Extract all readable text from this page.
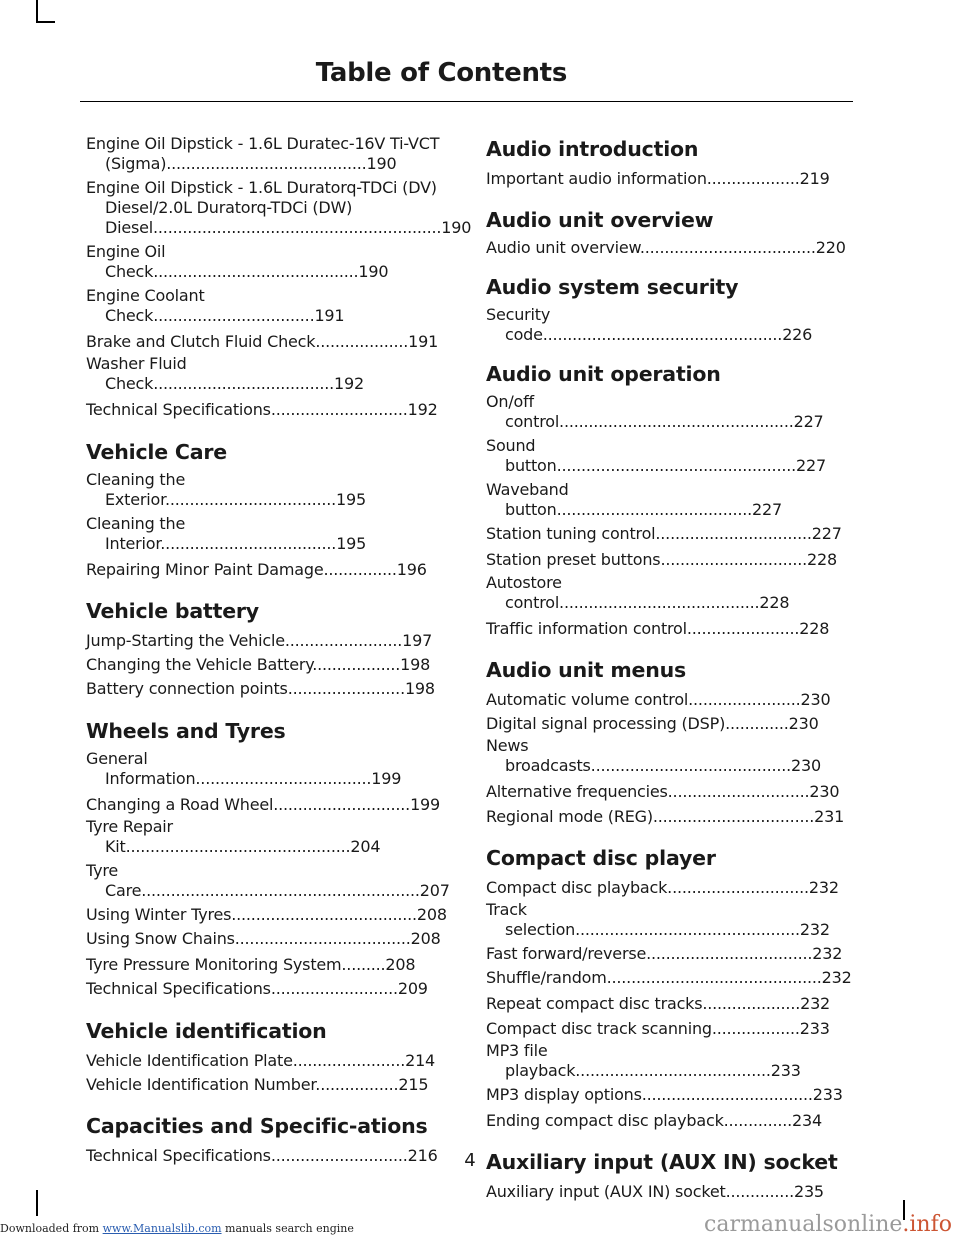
Table of Contents
Engine Oil Dipstick - 1.6L Duratec-16V Ti-VCT (Sigma).........................................190
Engine Oil Dipstick - 1.6L Duratorq-TDCi (DV) Diesel/2.0L Duratorq-TDCi (DW) Diesel...........................................................190
Engine Oil Check..........................................190
Engine Coolant Check.................................191
Brake and Clutch Fluid Check...................191
Washer Fluid Check.....................................192
Technical Specifications............................192
Vehicle Care
Cleaning the Exterior...................................195
Cleaning the Interior....................................195
Repairing Minor Paint Damage...............196
Vehicle battery
Jump-Starting the Vehicle........................197
Changing the Vehicle Battery..................198
Battery connection points........................198
Wheels and Tyres
General Information....................................199
Changing a Road Wheel............................199
Tyre Repair Kit..............................................204
Tyre Care.........................................................207
Using Winter Tyres......................................208
Using Snow Chains....................................208
Tyre Pressure Monitoring System.........208
Technical Specifications..........................209
Vehicle identification
Vehicle Identification Plate.......................214
Vehicle Identification Number.................215
Capacities and Specific-ations
Technical Specifications............................216
Audio introduction
Important audio information...................219
Audio unit overview
Audio unit overview....................................220
Audio system security
Security code.................................................226
Audio unit operation
On/off control................................................227
Sound button.................................................227
Waveband button........................................227
Station tuning control................................227
Station preset buttons..............................228
Autostore control.........................................228
Traffic information control.......................228
Audio unit menus
Automatic volume control.......................230
Digital signal processing (DSP).............230
News broadcasts.........................................230
Alternative frequencies.............................230
Regional mode (REG).................................231
Compact disc player
Compact disc playback.............................232
Track selection..............................................232
Fast forward/reverse..................................232
Shuffle/random............................................232
Repeat compact disc tracks....................232
Compact disc track scanning..................233
MP3 file playback........................................233
MP3 display options...................................233
Ending compact disc playback..............234
Auxiliary input (AUX IN) socket
Auxiliary input (AUX IN) socket..............235
4
Downloaded from www.Manualslib.com manuals search engine	carmanualsonline.info
